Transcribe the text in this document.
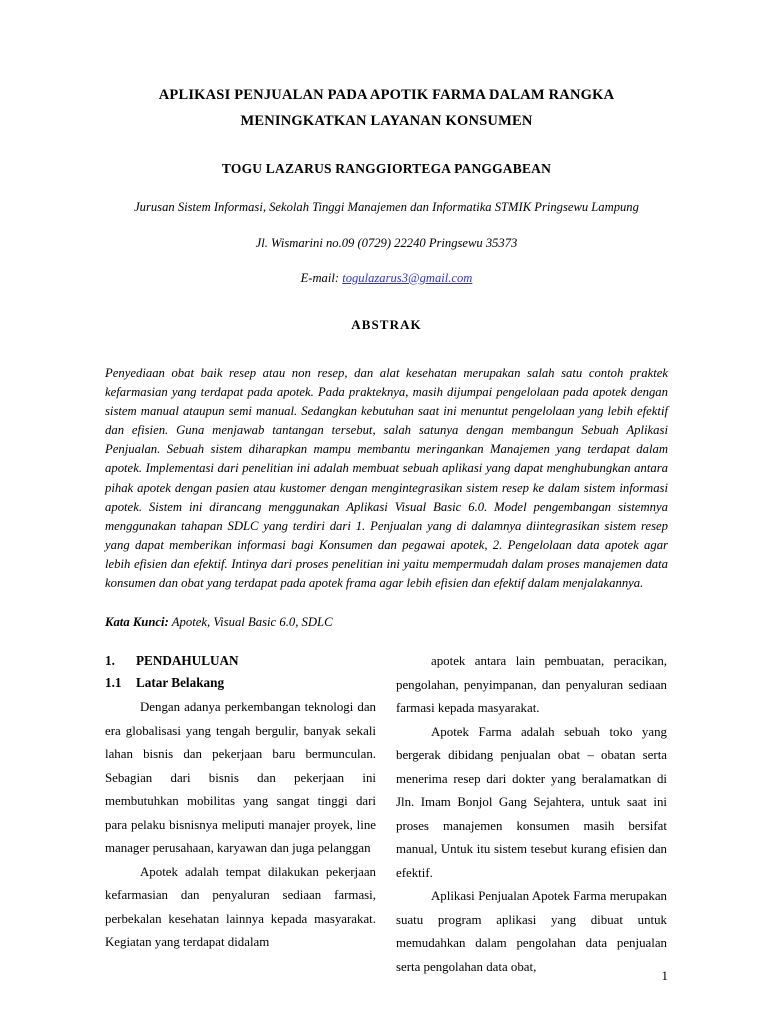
APLIKASI PENJUALAN PADA APOTIK FARMA DALAM RANGKA
MENINGKATKAN LAYANAN KONSUMEN
TOGU LAZARUS RANGGIORTEGA PANGGABEAN
Jurusan Sistem Informasi, Sekolah Tinggi Manajemen dan Informatika STMIK Pringsewu Lampung
Jl. Wismarini no.09 (0729) 22240 Pringsewu 35373
E-mail: togulazarus3@gmail.com
ABSTRAK
Penyediaan obat baik resep atau non resep, dan alat kesehatan merupakan salah satu contoh praktek kefarmasian yang terdapat pada apotek. Pada prakteknya, masih dijumpai pengelolaan pada apotek dengan sistem manual ataupun semi manual. Sedangkan kebutuhan saat ini menuntut pengelolaan yang lebih efektif dan efisien. Guna menjawab tantangan tersebut, salah satunya dengan membangun Sebuah Aplikasi Penjualan. Sebuah sistem diharapkan mampu membantu meringankan Manajemen yang terdapat dalam apotek. Implementasi dari penelitian ini adalah membuat sebuah aplikasi yang dapat menghubungkan antara pihak apotek dengan pasien atau kustomer dengan mengintegrasikan sistem resep ke dalam sistem informasi apotek. Sistem ini dirancang menggunakan Aplikasi Visual Basic 6.0. Model pengembangan sistemnya menggunakan tahapan SDLC yang terdiri dari 1. Penjualan yang di dalamnya diintegrasikan sistem resep yang dapat memberikan informasi bagi Konsumen dan pegawai apotek, 2. Pengelolaan data apotek agar lebih efisien dan efektif. Intinya dari proses penelitian ini yaitu mempermudah dalam proses manajemen data konsumen dan obat yang terdapat pada apotek frama agar lebih efisien dan efektif dalam menjalakannya.
Kata Kunci: Apotek, Visual Basic 6.0, SDLC
1.	PENDAHULUAN
1.1	Latar Belakang

Dengan adanya perkembangan teknologi dan era globalisasi yang tengah bergulir, banyak sekali lahan bisnis dan pekerjaan baru bermunculan. Sebagian dari bisnis dan pekerjaan ini membutuhkan mobilitas yang sangat tinggi dari para pelaku bisnisnya meliputi manajer proyek, line manager perusahaan, karyawan dan juga pelanggan

Apotek adalah tempat dilakukan pekerjaan kefarmasian dan penyaluran sediaan farmasi, perbekalan kesehatan lainnya kepada masyarakat. Kegiatan yang terdapat didalam

apotek antara lain pembuatan, peracikan, pengolahan, penyimpanan, dan penyaluran sediaan farmasi kepada masyarakat.

Apotek Farma adalah sebuah toko yang bergerak dibidang penjualan obat – obatan serta menerima resep dari dokter yang beralamatkan di Jln. Imam Bonjol Gang Sejahtera, untuk saat ini proses manajemen konsumen masih bersifat manual, Untuk itu sistem tesebut kurang efisien dan efektif.

Aplikasi Penjualan Apotek Farma merupakan suatu program aplikasi yang dibuat untuk memudahkan dalam pengolahan data penjualan serta pengolahan data obat,

1
